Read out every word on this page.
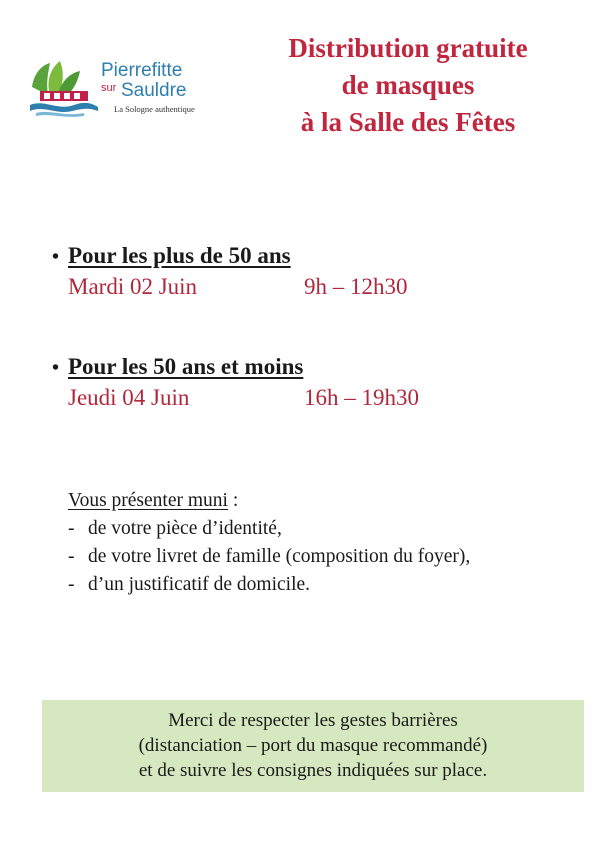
Pierrefitte
sur Sauldre
La Sologne authentique
Distribution gratuite
de masques
à la Salle des Fêtes
• Pour les plus de 50 ans
Mardi 02 Juin	9h – 12h30
• Pour les 50 ans et moins
Jeudi 04 Juin	16h – 19h30
Vous présenter muni :
- de votre pièce d’identité,
- de votre livret de famille (composition du foyer),
- d’un justificatif de domicile.
Merci de respecter les gestes barrières
(distanciation – port du masque recommandé)
et de suivre les consignes indiquées sur place.
